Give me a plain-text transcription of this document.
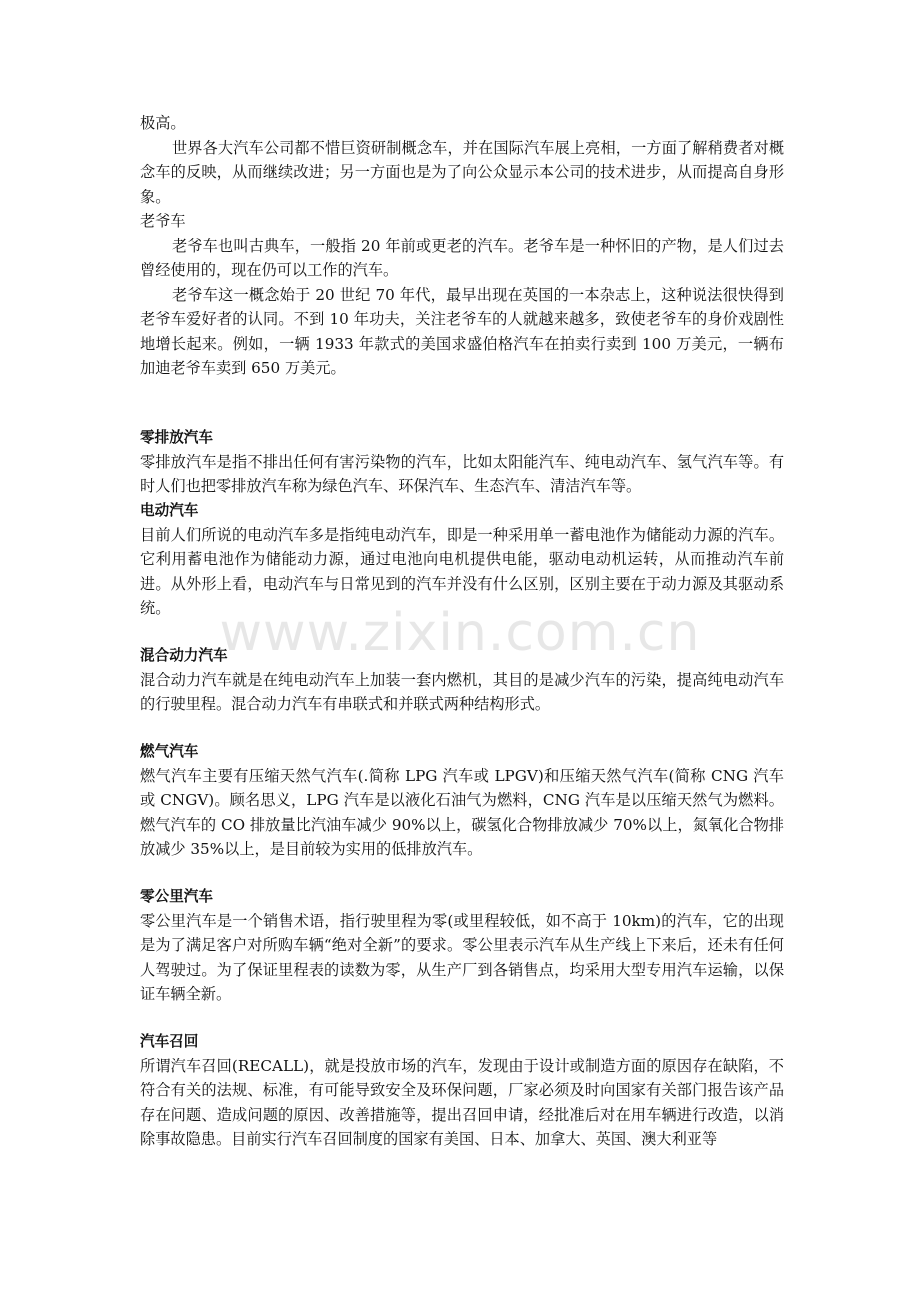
www.zixin.com.cn

极高。

世界各大汽车公司都不惜巨资研制概念车，并在国际汽车展上亮相，一方面了解稍费者对概念车的反映，从而继续改进；另一方面也是为了向公众显示本公司的技术进步，从而提高自身形象。

老爷车

老爷车也叫古典车，一般指 20 年前或更老的汽车。老爷车是一种怀旧的产物，是人们过去曾经使用的，现在仍可以工作的汽车。

老爷车这一概念始于 20 世纪 70 年代，最早出现在英国的一本杂志上，这种说法很快得到老爷车爱好者的认同。不到 10 年功夫，关注老爷车的人就越来越多，致使老爷车的身价戏剧性地增长起来。例如，一辆 1933 年款式的美国求盛伯格汽车在拍卖行卖到 100 万美元，一辆布加迪老爷车卖到 650 万美元。

零排放汽车

零排放汽车是指不排出任何有害污染物的汽车，比如太阳能汽车、纯电动汽车、氢气汽车等。有时人们也把零排放汽车称为绿色汽车、环保汽车、生态汽车、清洁汽车等。

电动汽车

目前人们所说的电动汽车多是指纯电动汽车，即是一种采用单一蓄电池作为储能动力源的汽车。它利用蓄电池作为储能动力源，通过电池向电机提供电能，驱动电动机运转，从而推动汽车前进。从外形上看，电动汽车与日常见到的汽车并没有什么区别，区别主要在于动力源及其驱动系统。

混合动力汽车

混合动力汽车就是在纯电动汽车上加装一套内燃机，其目的是减少汽车的污染，提高纯电动汽车的行驶里程。混合动力汽车有串联式和并联式两种结构形式。

燃气汽车

燃气汽车主要有压缩天然气汽车(.简称 LPG 汽车或 LPGV)和压缩天然气汽车(简称 CNG 汽车或 CNGV)。顾名思义，LPG 汽车是以液化石油气为燃料，CNG 汽车是以压缩天然气为燃料。燃气汽车的 CO 排放量比汽油车减少 90%以上，碳氢化合物排放减少 70%以上，氮氧化合物排放减少 35%以上，是目前较为实用的低排放汽车。

零公里汽车

零公里汽车是一个销售术语，指行驶里程为零(或里程较低，如不高于 10km)的汽车，它的出现是为了满足客户对所购车辆“绝对全新”的要求。零公里表示汽车从生产线上下来后，还未有任何人驾驶过。为了保证里程表的读数为零，从生产厂到各销售点，均采用大型专用汽车运输，以保证车辆全新。

汽车召回

所谓汽车召回(RECALL)，就是投放市场的汽车，发现由于设计或制造方面的原因存在缺陷，不符合有关的法规、标准，有可能导致安全及环保问题，厂家必须及时向国家有关部门报告该产品存在问题、造成问题的原因、改善措施等，提出召回申请，经批准后对在用车辆进行改造，以消除事故隐患。目前实行汽车召回制度的国家有美国、日本、加拿大、英国、澳大利亚等
